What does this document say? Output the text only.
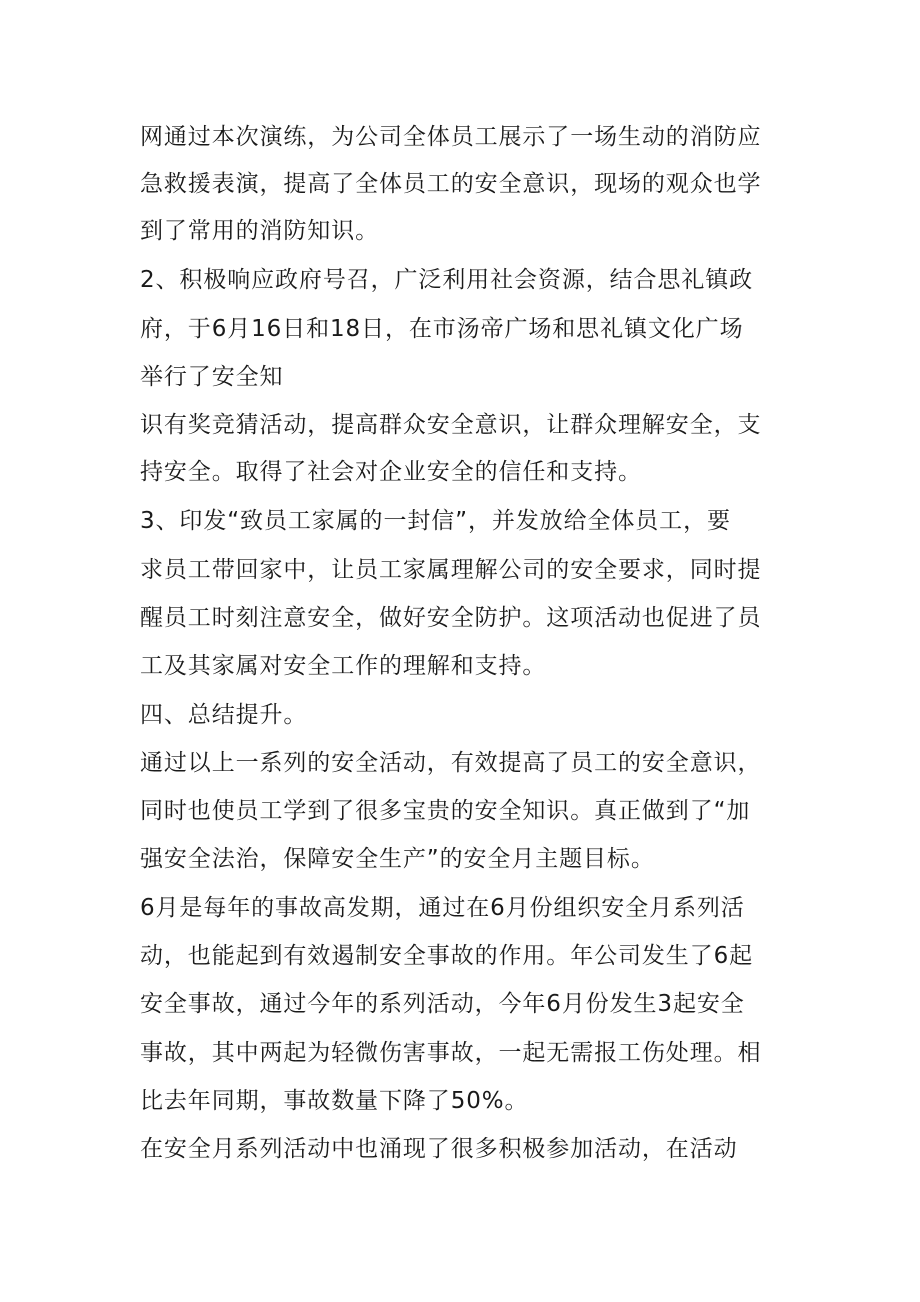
网通过本次演练，为公司全体员工展示了一场生动的消防应
急救援表演，提高了全体员工的安全意识，现场的观众也学
到了常用的消防知识。
2、积极响应政府号召，广泛利用社会资源，结合思礼镇政
府，于6月16日和18日，在市汤帝广场和思礼镇文化广场
举行了安全知
识有奖竞猜活动，提高群众安全意识，让群众理解安全，支
持安全。取得了社会对企业安全的信任和支持。
3、印发“致员工家属的一封信”，并发放给全体员工，要
求员工带回家中，让员工家属理解公司的安全要求，同时提
醒员工时刻注意安全，做好安全防护。这项活动也促进了员
工及其家属对安全工作的理解和支持。
四、总结提升。
通过以上一系列的安全活动，有效提高了员工的安全意识，
同时也使员工学到了很多宝贵的安全知识。真正做到了“加
强安全法治，保障安全生产”的安全月主题目标。
6月是每年的事故高发期，通过在6月份组织安全月系列活
动，也能起到有效遏制安全事故的作用。年公司发生了6起
安全事故，通过今年的系列活动，今年6月份发生3起安全
事故，其中两起为轻微伤害事故，一起无需报工伤处理。相
比去年同期，事故数量下降了50%。
在安全月系列活动中也涌现了很多积极参加活动，在活动
